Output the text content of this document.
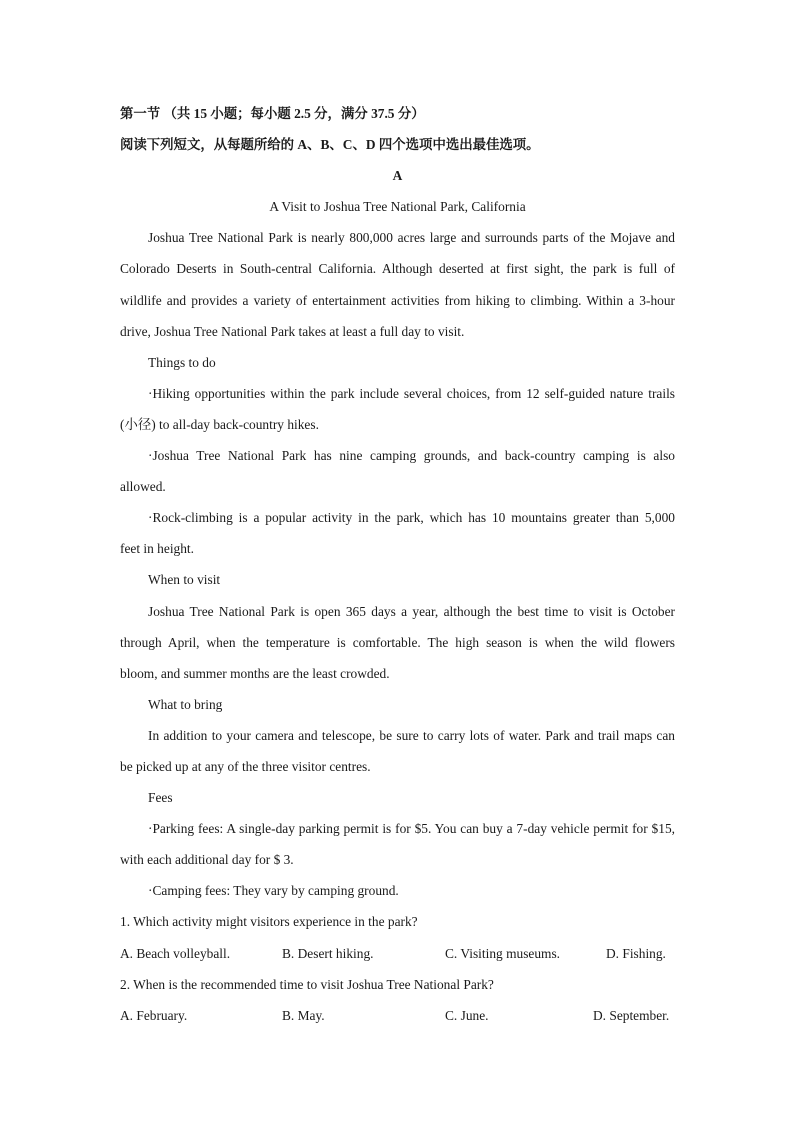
第一节 （共 15 小题；每小题 2.5 分，满分 37.5 分）
阅读下列短文，从每题所给的 A、B、C、D 四个选项中选出最佳选项。
A
A Visit to Joshua Tree National Park, California
Joshua Tree National Park is nearly 800,000 acres large and surrounds parts of the Mojave and
Colorado Deserts in South-central California. Although deserted at first sight, the park is full of
wildlife and provides a variety of entertainment activities from hiking to climbing. Within a 3-hour
drive, Joshua Tree National Park takes at least a full day to visit.
Things to do
·Hiking opportunities within the park include several choices, from 12 self-guided nature trails
(小径) to all-day back-country hikes.
·Joshua Tree National Park has nine camping grounds, and back-country camping is also
allowed.
·Rock-climbing is a popular activity in the park, which has 10 mountains greater than 5,000
feet in height.
When to visit
Joshua Tree National Park is open 365 days a year, although the best time to visit is October
through April, when the temperature is comfortable. The high season is when the wild flowers
bloom, and summer months are the least crowded.
What to bring
In addition to your camera and telescope, be sure to carry lots of water. Park and trail maps can
be picked up at any of the three visitor centres.
Fees
·Parking fees: A single-day parking permit is for $5. You can buy a 7-day vehicle permit for $15,
with each additional day for $ 3.
·Camping fees: They vary by camping ground.
1. Which activity might visitors experience in the park?
A. Beach volleyball.	B. Desert hiking.	C. Visiting museums.	D. Fishing.
2. When is the recommended time to visit Joshua Tree National Park?
A. February.	B. May.	C. June.	D. September.
